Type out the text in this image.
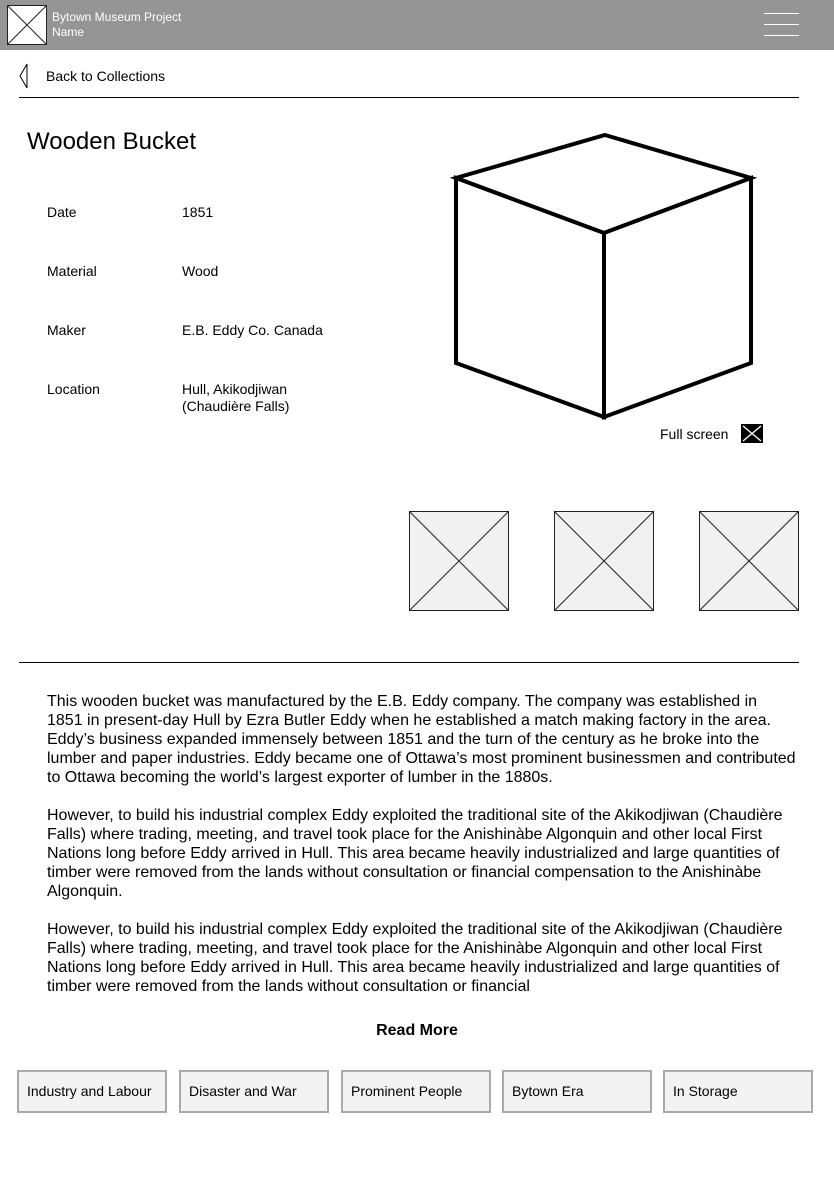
Bytown Museum Project Name
Back to Collections
Wooden Bucket
Date	1851
Material	Wood
Maker	E.B. Eddy Co. Canada
Location	Hull, Akikodjiwan (Chaudière Falls)
Full screen

This wooden bucket was manufactured by the E.B. Eddy company. The company was established in 1851 in present-day Hull by Ezra Butler Eddy when he established a match making factory in the area. Eddy’s business expanded immensely between 1851 and the turn of the century as he broke into the lumber and paper industries. Eddy became one of Ottawa’s most prominent businessmen and contributed to Ottawa becoming the world’s largest exporter of lumber in the 1880s.

However, to build his industrial complex Eddy exploited the traditional site of the Akikodjiwan (Chaudière Falls) where trading, meeting, and travel took place for the Anishinàbe Algonquin and other local First Nations long before Eddy arrived in Hull. This area became heavily industrialized and large quantities of timber were removed from the lands without consultation or financial compensation to the Anishinàbe Algonquin.

However, to build his industrial complex Eddy exploited the traditional site of the Akikodjiwan (Chaudière Falls) where trading, meeting, and travel took place for the Anishinàbe Algonquin and other local First Nations long before Eddy arrived in Hull. This area became heavily industrialized and large quantities of timber were removed from the lands without consultation or financial

Read More
Industry and Labour	Disaster and War	Prominent People	Bytown Era	In Storage
